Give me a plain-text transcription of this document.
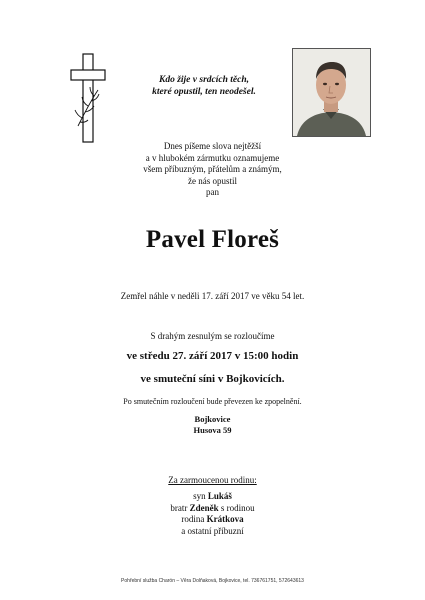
Kdo žije v srdcích těch,
které opustil, ten neodešel.
Dnes píšeme slova nejtěžší
a v hlubokém zármutku oznamujeme
všem příbuzným, přátelům a známým,
že nás opustil
pan
Pavel Floreš
Zemřel náhle v neděli 17. září 2017 ve věku 54 let.
S drahým zesnulým se rozloučíme
ve středu 27. září 2017 v 15:00 hodin
ve smuteční síni v Bojkovicích.
Po smutečním rozloučení bude převezen ke zpopelnění.
Bojkovice
Husova 59
Za zarmoucenou rodinu:
syn Lukáš
bratr Zdeněk s rodinou
rodina Krátkova
a ostatní příbuzní
Pohřební služba Charón – Věra Dolňaková, Bojkovice, tel. 736761751, 572643613
